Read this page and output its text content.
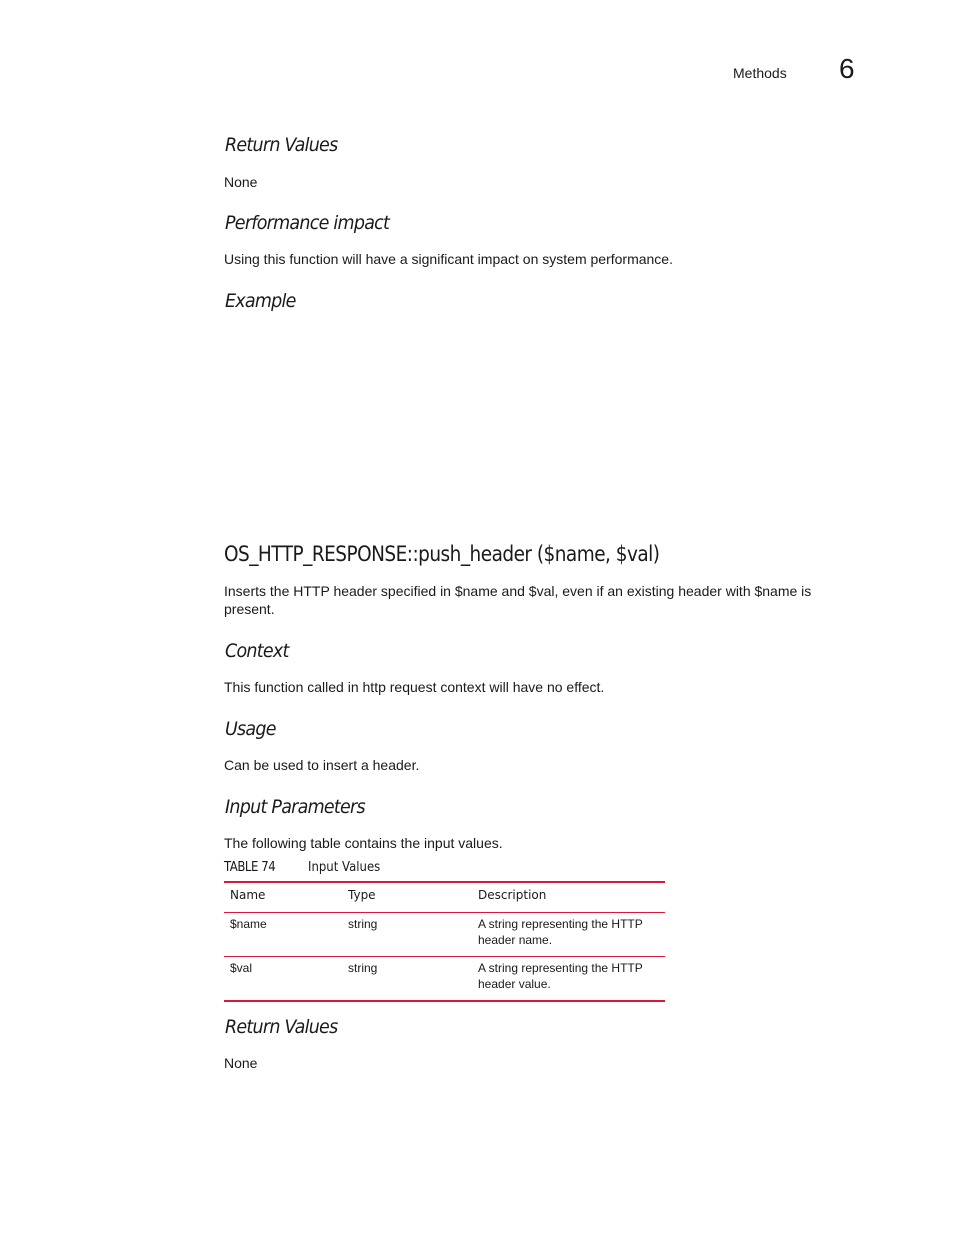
Methods 6
Return Values
None
Performance impact
Using this function will have a significant impact on system performance.
Example
OS_HTTP_RESPONSE::push_header ($name, $val)
Inserts the HTTP header specified in $name and $val, even if an existing header with $name is
present.
Context
This function called in http request context will have no effect.
Usage
Can be used to insert a header.
Input Parameters
The following table contains the input values.
TABLE 74	Input Values
Name	Type	Description
$name	string	A string representing the HTTP
header name.
$val	string	A string representing the HTTP
header value.
Return Values
None
